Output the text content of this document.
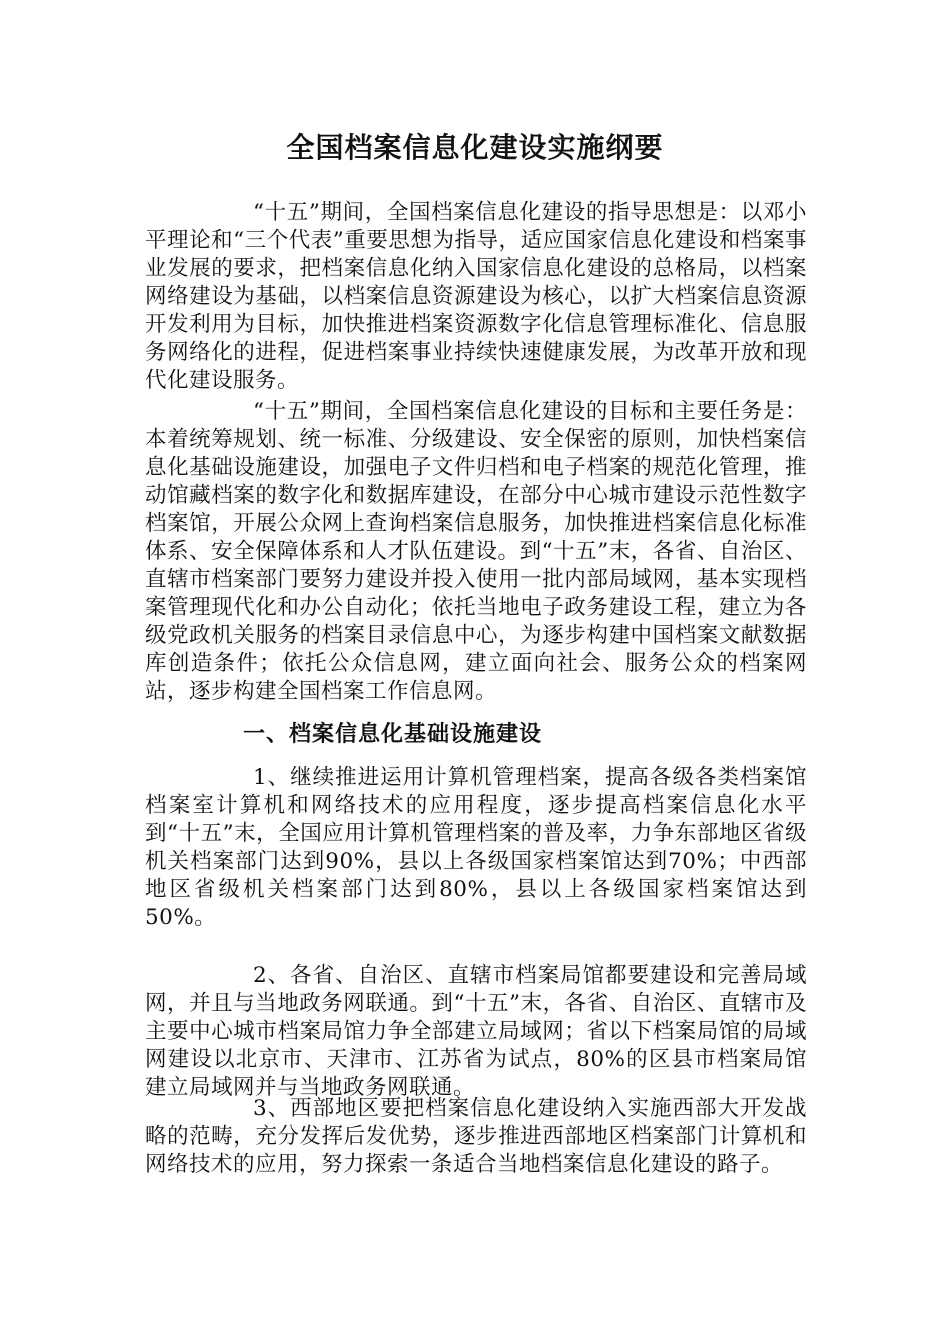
全国档案信息化建设实施纲要

“十五”期间，全国档案信息化建设的指导思想是：以邓小平理论和“三个代表”重要思想为指导，适应国家信息化建设和档案事业发展的要求，把档案信息化纳入国家信息化建设的总格局，以档案网络建设为基础，以档案信息资源建设为核心，以扩大档案信息资源开发利用为目标，加快推进档案资源数字化信息管理标准化、信息服务网络化的进程，促进档案事业持续快速健康发展，为改革开放和现代化建设服务。

“十五”期间，全国档案信息化建设的目标和主要任务是：本着统筹规划、统一标准、分级建设、安全保密的原则，加快档案信息化基础设施建设，加强电子文件归档和电子档案的规范化管理，推动馆藏档案的数字化和数据库建设，在部分中心城市建设示范性数字档案馆，开展公众网上查询档案信息服务，加快推进档案信息化标准体系、安全保障体系和人才队伍建设。到“十五”末，各省、自治区、直辖市档案部门要努力建设并投入使用一批内部局域网，基本实现档案管理现代化和办公自动化；依托当地电子政务建设工程，建立为各级党政机关服务的档案目录信息中心，为逐步构建中国档案文献数据库创造条件；依托公众信息网，建立面向社会、服务公众的档案网站，逐步构建全国档案工作信息网。

一、档案信息化基础设施建设

1、继续推进运用计算机管理档案，提高各级各类档案馆档案室计算机和网络技术的应用程度，逐步提高档案信息化水平到“十五”末，全国应用计算机管理档案的普及率，力争东部地区省级机关档案部门达到90%，县以上各级国家档案馆达到70%；中西部地区省级机关档案部门达到80%，县以上各级国家档案馆达到50%。

2、各省、自治区、直辖市档案局馆都要建设和完善局域网，并且与当地政务网联通。到“十五”末，各省、自治区、直辖市及主要中心城市档案局馆力争全部建立局域网；省以下档案局馆的局域网建设以北京市、天津市、江苏省为试点，80%的区县市档案局馆建立局域网并与当地政务网联通。

3、西部地区要把档案信息化建设纳入实施西部大开发战略的范畴，充分发挥后发优势，逐步推进西部地区档案部门计算机和网络技术的应用，努力探索一条适合当地档案信息化建设的路子。
